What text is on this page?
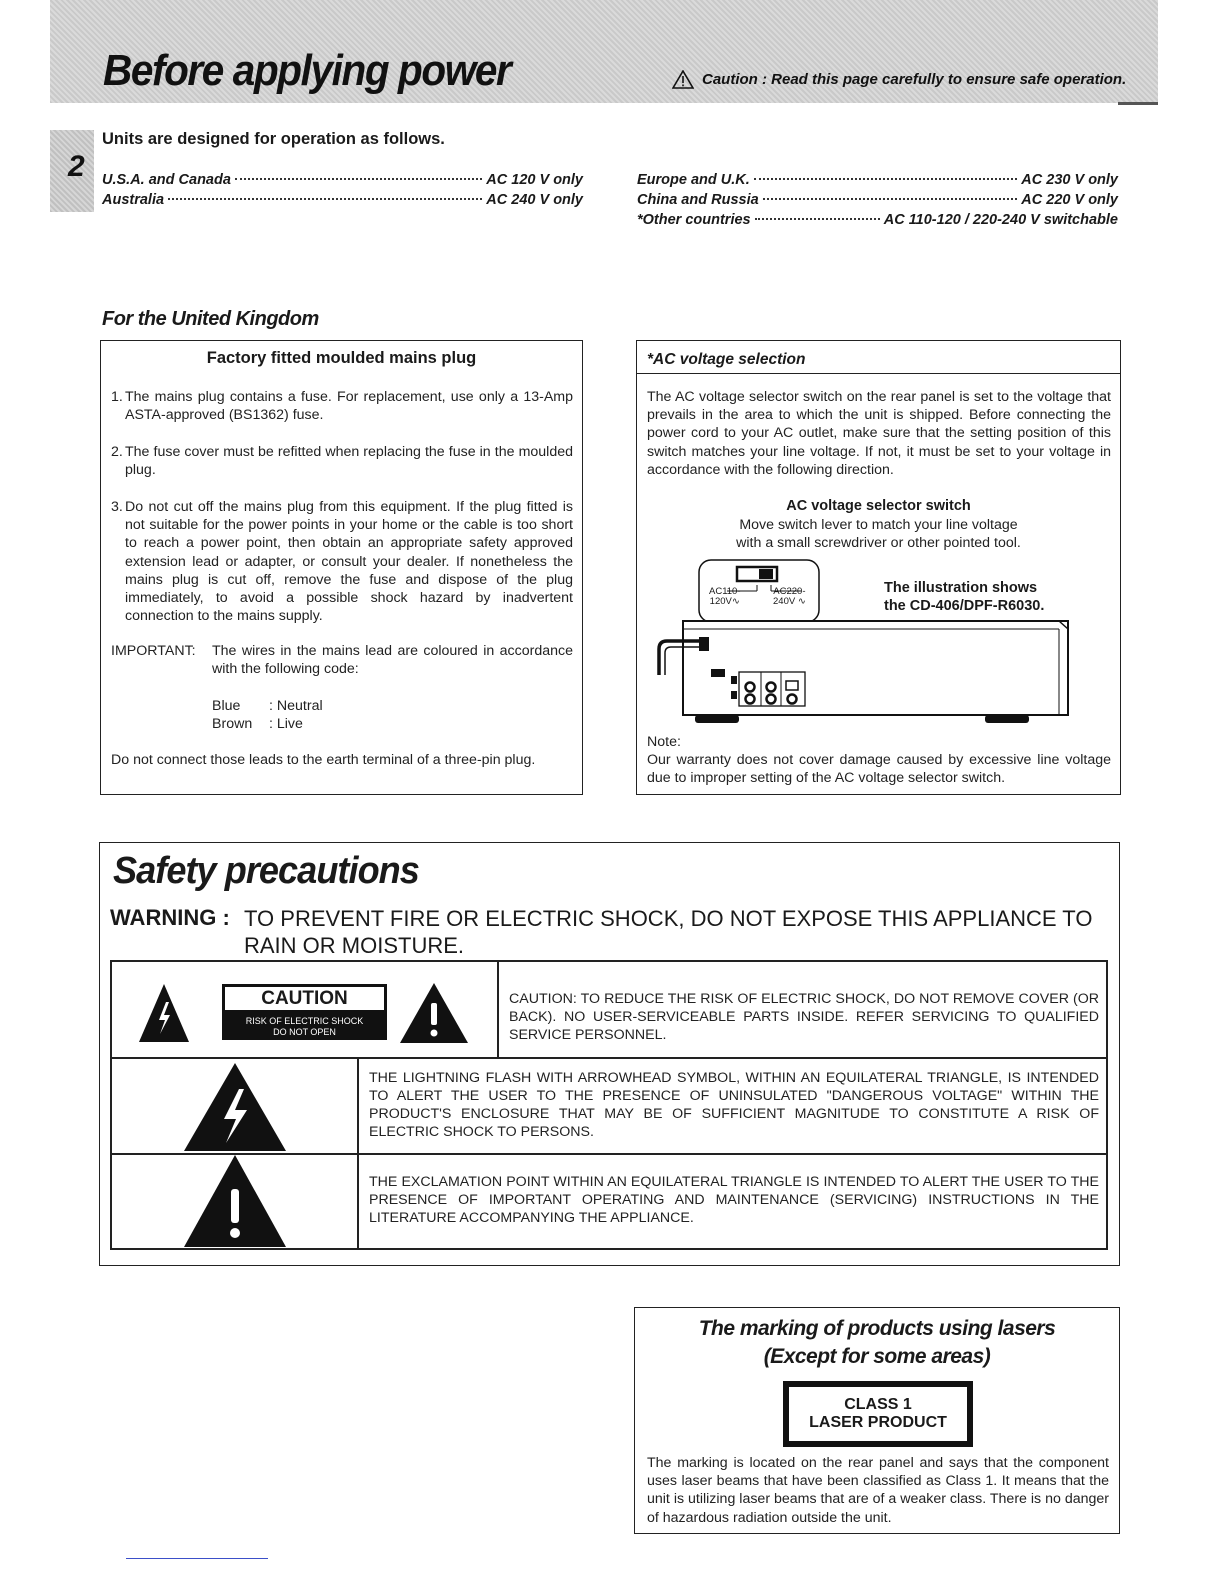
Before applying power	Caution : Read this page carefully to ensure safe operation.
2
Units are designed for operation as follows.
U.S.A. and Canada	AC 120 V only
Australia	AC 240 V only
Europe and U.K.	AC 230 V only
China and Russia	AC 220 V only
*Other countries	AC 110-120 / 220-240 V switchable
For the United Kingdom
Factory fitted moulded mains plug
1. The mains plug contains a fuse. For replacement, use only a 13-Amp ASTA-approved (BS1362) fuse.
2. The fuse cover must be refitted when replacing the fuse in the moulded plug.
3. Do not cut off the mains plug from this equipment. If the plug fitted is not suitable for the power points in your home or the cable is too short to reach a power point, then obtain an appropriate safety approved extension lead or adapter, or consult your dealer. If nonetheless the mains plug is cut off, remove the fuse and dispose of the plug immediately, to avoid a possible shock hazard by inadvertent connection to the mains supply.
IMPORTANT: The wires in the mains lead are coloured in accordance with the following code:
Blue : Neutral
Brown : Live
Do not connect those leads to the earth terminal of a three-pin plug.
*AC voltage selection
The AC voltage selector switch on the rear panel is set to the voltage that prevails in the area to which the unit is shipped. Before connecting the power cord to your AC outlet, make sure that the setting position of this switch matches your line voltage. If not, it must be set to your voltage in accordance with the following direction.
AC voltage selector switch
Move switch lever to match your line voltage
with a small screwdriver or other pointed tool.
AC110-
120V∿
AC220-
240V ∿
The illustration shows
the CD-406/DPF-R6030.
Note:
Our warranty does not cover damage caused by excessive line voltage due to improper setting of the AC voltage selector switch.
Safety precautions
WARNING : TO PREVENT FIRE OR ELECTRIC SHOCK, DO NOT EXPOSE THIS APPLIANCE TO RAIN OR MOISTURE.
CAUTION
RISK OF ELECTRIC SHOCK
DO NOT OPEN
CAUTION: TO REDUCE THE RISK OF ELECTRIC SHOCK, DO NOT REMOVE COVER (OR BACK). NO USER-SERVICEABLE PARTS INSIDE. REFER SERVICING TO QUALIFIED SERVICE PERSONNEL.
THE LIGHTNING FLASH WITH ARROWHEAD SYMBOL, WITHIN AN EQUILATERAL TRIANGLE, IS INTENDED TO ALERT THE USER TO THE PRESENCE OF UNINSULATED "DANGEROUS VOLTAGE" WITHIN THE PRODUCT'S ENCLOSURE THAT MAY BE OF SUFFICIENT MAGNITUDE TO CONSTITUTE A RISK OF ELECTRIC SHOCK TO PERSONS.
THE EXCLAMATION POINT WITHIN AN EQUILATERAL TRIANGLE IS INTENDED TO ALERT THE USER TO THE PRESENCE OF IMPORTANT OPERATING AND MAINTENANCE (SERVICING) INSTRUCTIONS IN THE LITERATURE ACCOMPANYING THE APPLIANCE.
The marking of products using lasers
(Except for some areas)
CLASS 1
LASER PRODUCT
The marking is located on the rear panel and says that the component uses laser beams that have been classified as Class 1. It means that the unit is utilizing laser beams that are of a weaker class. There is no danger of hazardous radiation outside the unit.
